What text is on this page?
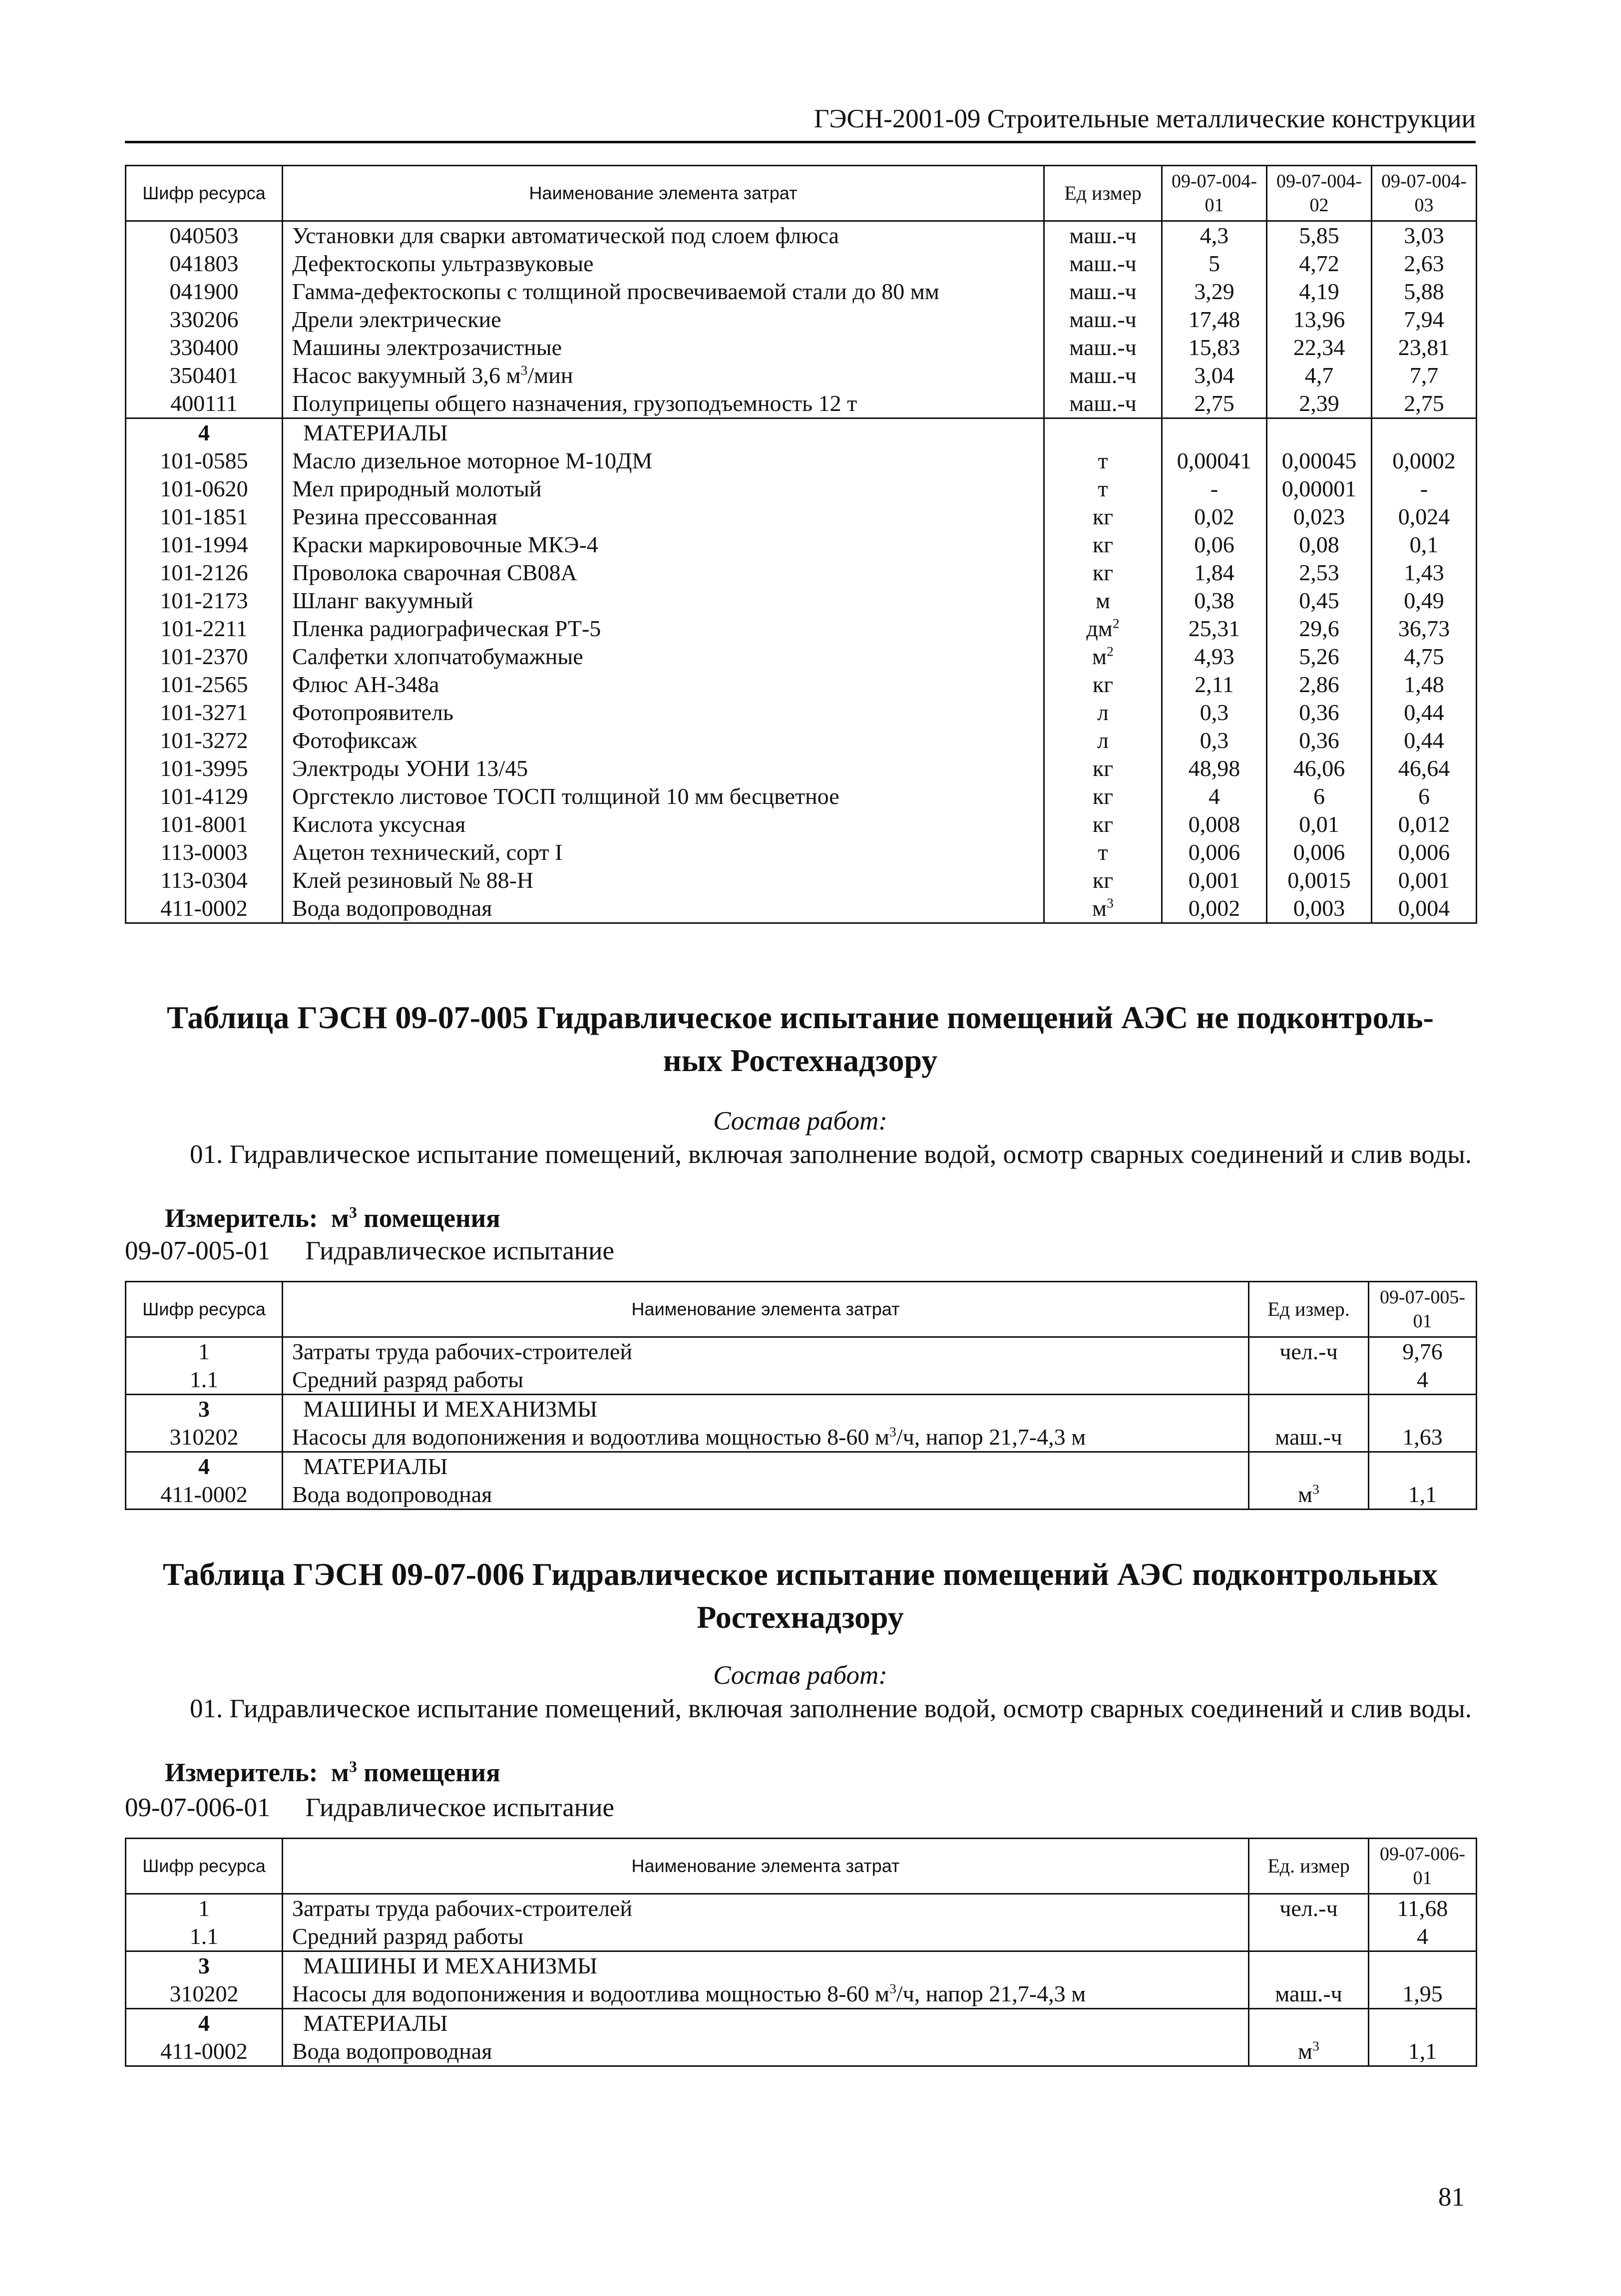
ГЭСН-2001-09 Строительные металлические конструкции
Шифр ресурса	Наименование элемента затрат	Ед измер	09-07-004-01	09-07-004-02	09-07-004-03
040503	Установки для сварки автоматической под слоем флюса	маш.-ч	4,3	5,85	3,03
041803	Дефектоскопы ультразвуковые	маш.-ч	5	4,72	2,63
041900	Гамма-дефектоскопы с толщиной просвечиваемой стали до 80 мм	маш.-ч	3,29	4,19	5,88
330206	Дрели электрические	маш.-ч	17,48	13,96	7,94
330400	Машины электрозачистные	маш.-ч	15,83	22,34	23,81
350401	Насос вакуумный 3,6 $м^3$/мин	маш.-ч	3,04	4,7	7,7
400111	Полуприцепы общего назначения, грузоподъемность 12 т	маш.-ч	2,75	2,39	2,75
4	МАТЕРИАЛЫ				
101-0585	Масло дизельное моторное М-10ДМ	т	0,00041	0,00045	0,0002
101-0620	Мел природный молотый	т	-	0,00001	-
101-1851	Резина прессованная	кг	0,02	0,023	0,024
101-1994	Краски маркировочные МКЭ-4	кг	0,06	0,08	0,1
101-2126	Проволока сварочная СВ08А	кг	1,84	2,53	1,43
101-2173	Шланг вакуумный	м	0,38	0,45	0,49
101-2211	Пленка радиографическая РТ-5	$дм^2$	25,31	29,6	36,73
101-2370	Салфетки хлопчатобумажные	$м^2$	4,93	5,26	4,75
101-2565	Флюс АН-348а	кг	2,11	2,86	1,48
101-3271	Фотопроявитель	л	0,3	0,36	0,44
101-3272	Фотофиксаж	л	0,3	0,36	0,44
101-3995	Электроды УОНИ 13/45	кг	48,98	46,06	46,64
101-4129	Оргстекло листовое ТОСП толщиной 10 мм бесцветное	кг	4	6	6
101-8001	Кислота уксусная	кг	0,008	0,01	0,012
113-0003	Ацетон технический, сорт I	т	0,006	0,006	0,006
113-0304	Клей резиновый № 88-Н	кг	0,001	0,0015	0,001
411-0002	Вода водопроводная	$м^3$	0,002	0,003	0,004
Таблица ГЭСН 09-07-005 Гидравлическое испытание помещений АЭС не подконтроль-
ных Ростехнадзору
Состав работ:

01. Гидравлическое испытание помещений, включая заполнение водой, осмотр сварных соединений и слив воды.

Измеритель: $м^3$ помещения
09-07-005-01 Гидравлическое испытание
Шифр ресурса	Наименование элемента затрат	Ед измер.	09-07-005-01
1	Затраты труда рабочих-строителей	чел.-ч	9,76
1.1	Средний разряд работы		4
3	МАШИНЫ И МЕХАНИЗМЫ		
310202	Насосы для водопонижения и водоотлива мощностью 8-60 $м^3/ч$, напор 21,7-4,3 м	маш.-ч	1,63
4	МАТЕРИАЛЫ		
411-0002	Вода водопроводная	$м^3$	1,1
Таблица ГЭСН 09-07-006 Гидравлическое испытание помещений АЭС подконтрольных
Ростехнадзору
Состав работ:

01. Гидравлическое испытание помещений, включая заполнение водой, осмотр сварных соединений и слив воды.

Измеритель: $м^3$ помещения
09-07-006-01 Гидравлическое испытание
Шифр ресурса	Наименование элемента затрат	Ед. измер	09-07-006-01
1	Затраты труда рабочих-строителей	чел.-ч	11,68
1.1	Средний разряд работы		4
3	МАШИНЫ И МЕХАНИЗМЫ		
310202	Насосы для водопонижения и водоотлива мощностью 8-60 $м^3/ч$, напор 21,7-4,3 м	маш.-ч	1,95
4	МАТЕРИАЛЫ		
411-0002	Вода водопроводная	$м^3$	1,1
81
